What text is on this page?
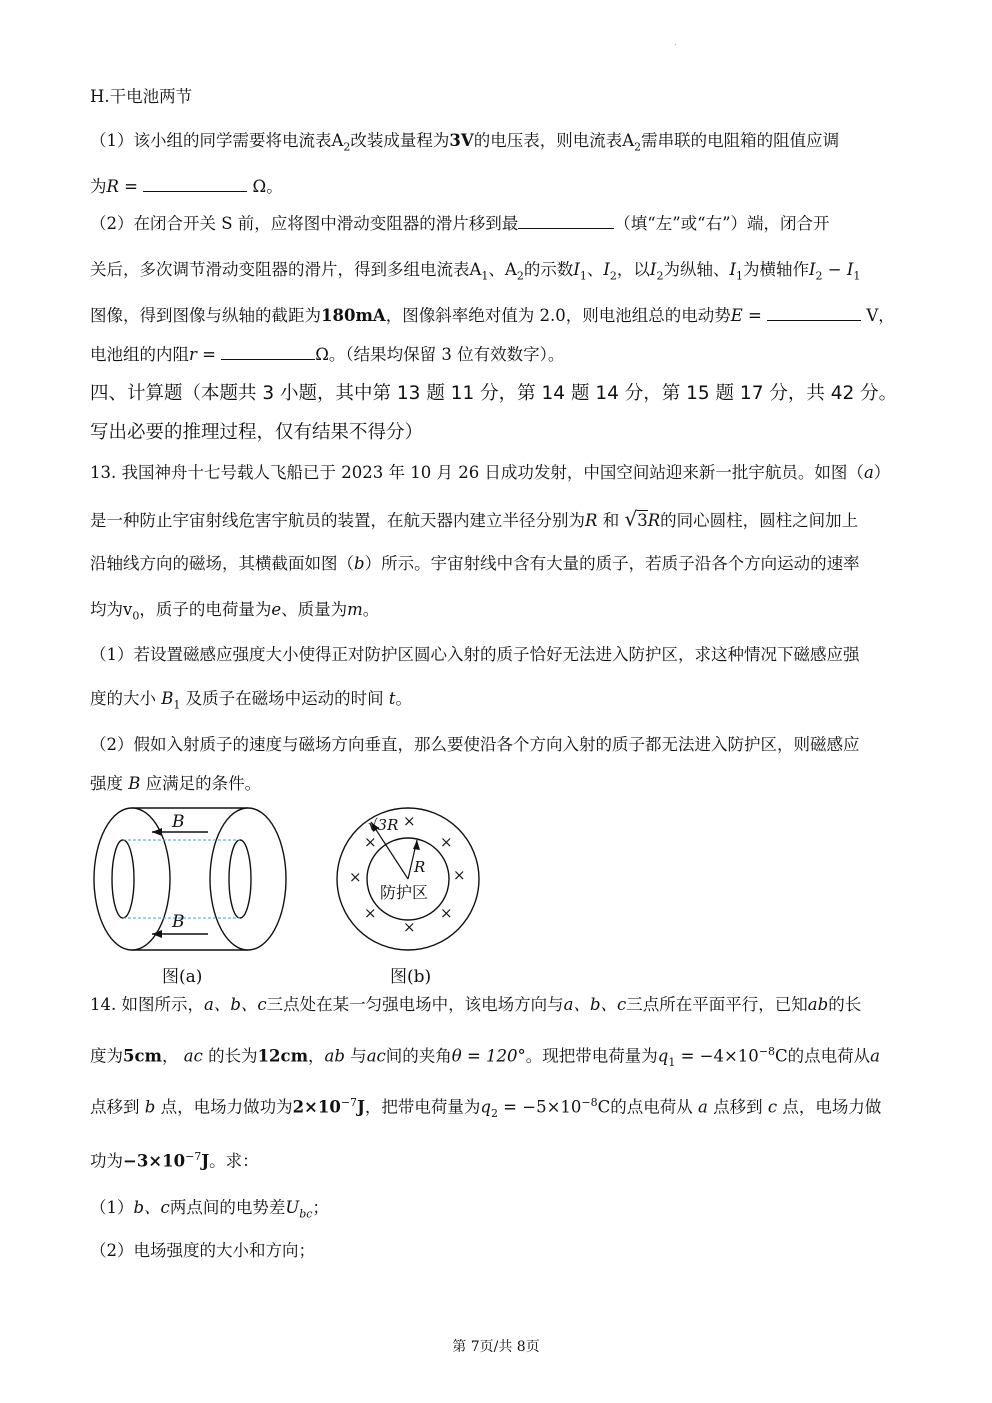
.
H.干电池两节
（1）该小组的同学需要将电流表$A_2$改装成量程为3V的电压表，则电流表$A_2$需串联的电阻箱的阻值应调
为R =	Ω。
（2）在闭合开关 S 前，应将图中滑动变阻器的滑片移到最	（填“左”或“右”）端，闭合开
关后，多次调节滑动变阻器的滑片，得到多组电流表$A_1$、$A_2$的示数$I_1$、$I_2$，以$I_2$为纵轴、$I_1$为横轴作$I_2 - I_1$
图像，得到图像与纵轴的截距为180mA，图像斜率绝对值为 2.0，则电池组总的电动势E =	V，
电池组的内阻r =	Ω。（结果均保留 3 位有效数字）。
四、计算题（本题共 3 小题，其中第 13 题 11 分，第 14 题 14 分，第 15 题 17 分，共 42 分。
写出必要的推理过程，仅有结果不得分）
13. 我国神舟十七号载人飞船已于 2023 年 10 月 26 日成功发射，中国空间站迎来新一批宇航员。如图（a）
是一种防止宇宙射线危害宇航员的装置，在航天器内建立半径分别为R 和 √3R的同心圆柱，圆柱之间加上
沿轴线方向的磁场，其横截面如图（b）所示。宇宙射线中含有大量的质子，若质子沿各个方向运动的速率
均为$v_0$，质子的电荷量为e、质量为m。
（1）若设置磁感应强度大小使得正对防护区圆心入射的质子恰好无法进入防护区，求这种情况下磁感应强
度的大小 $B_1$ 及质子在磁场中运动的时间 t。
（2）假如入射质子的速度与磁场方向垂直，那么要使沿各个方向入射的质子都无法进入防护区，则磁感应
强度 B 应满足的条件。
B
B
图(a)
√3R
R
防护区
×
×	×
×	×
×	×
×
图(b)
14. 如图所示，a、b、c三点处在某一匀强电场中，该电场方向与a、b、c三点所在平面平行，已知ab的长
度为5cm， ac 的长为12cm，ab 与ac间的夹角θ = 120°。现把带电荷量为$q_1 = -4\times 10^{-8}C$的点电荷从a
点移到 b 点，电场力做功为$2\times 10^{-7}J$，把带电荷量为$q_2 = -5\times 10^{-8}C$的点电荷从 a 点移到 c 点，电场力做
功为$-3\times 10^{-7}J$。求：
（1）b、c两点间的电势差$U_{bc}$；
（2）电场强度的大小和方向；
第 7页/共 8页
